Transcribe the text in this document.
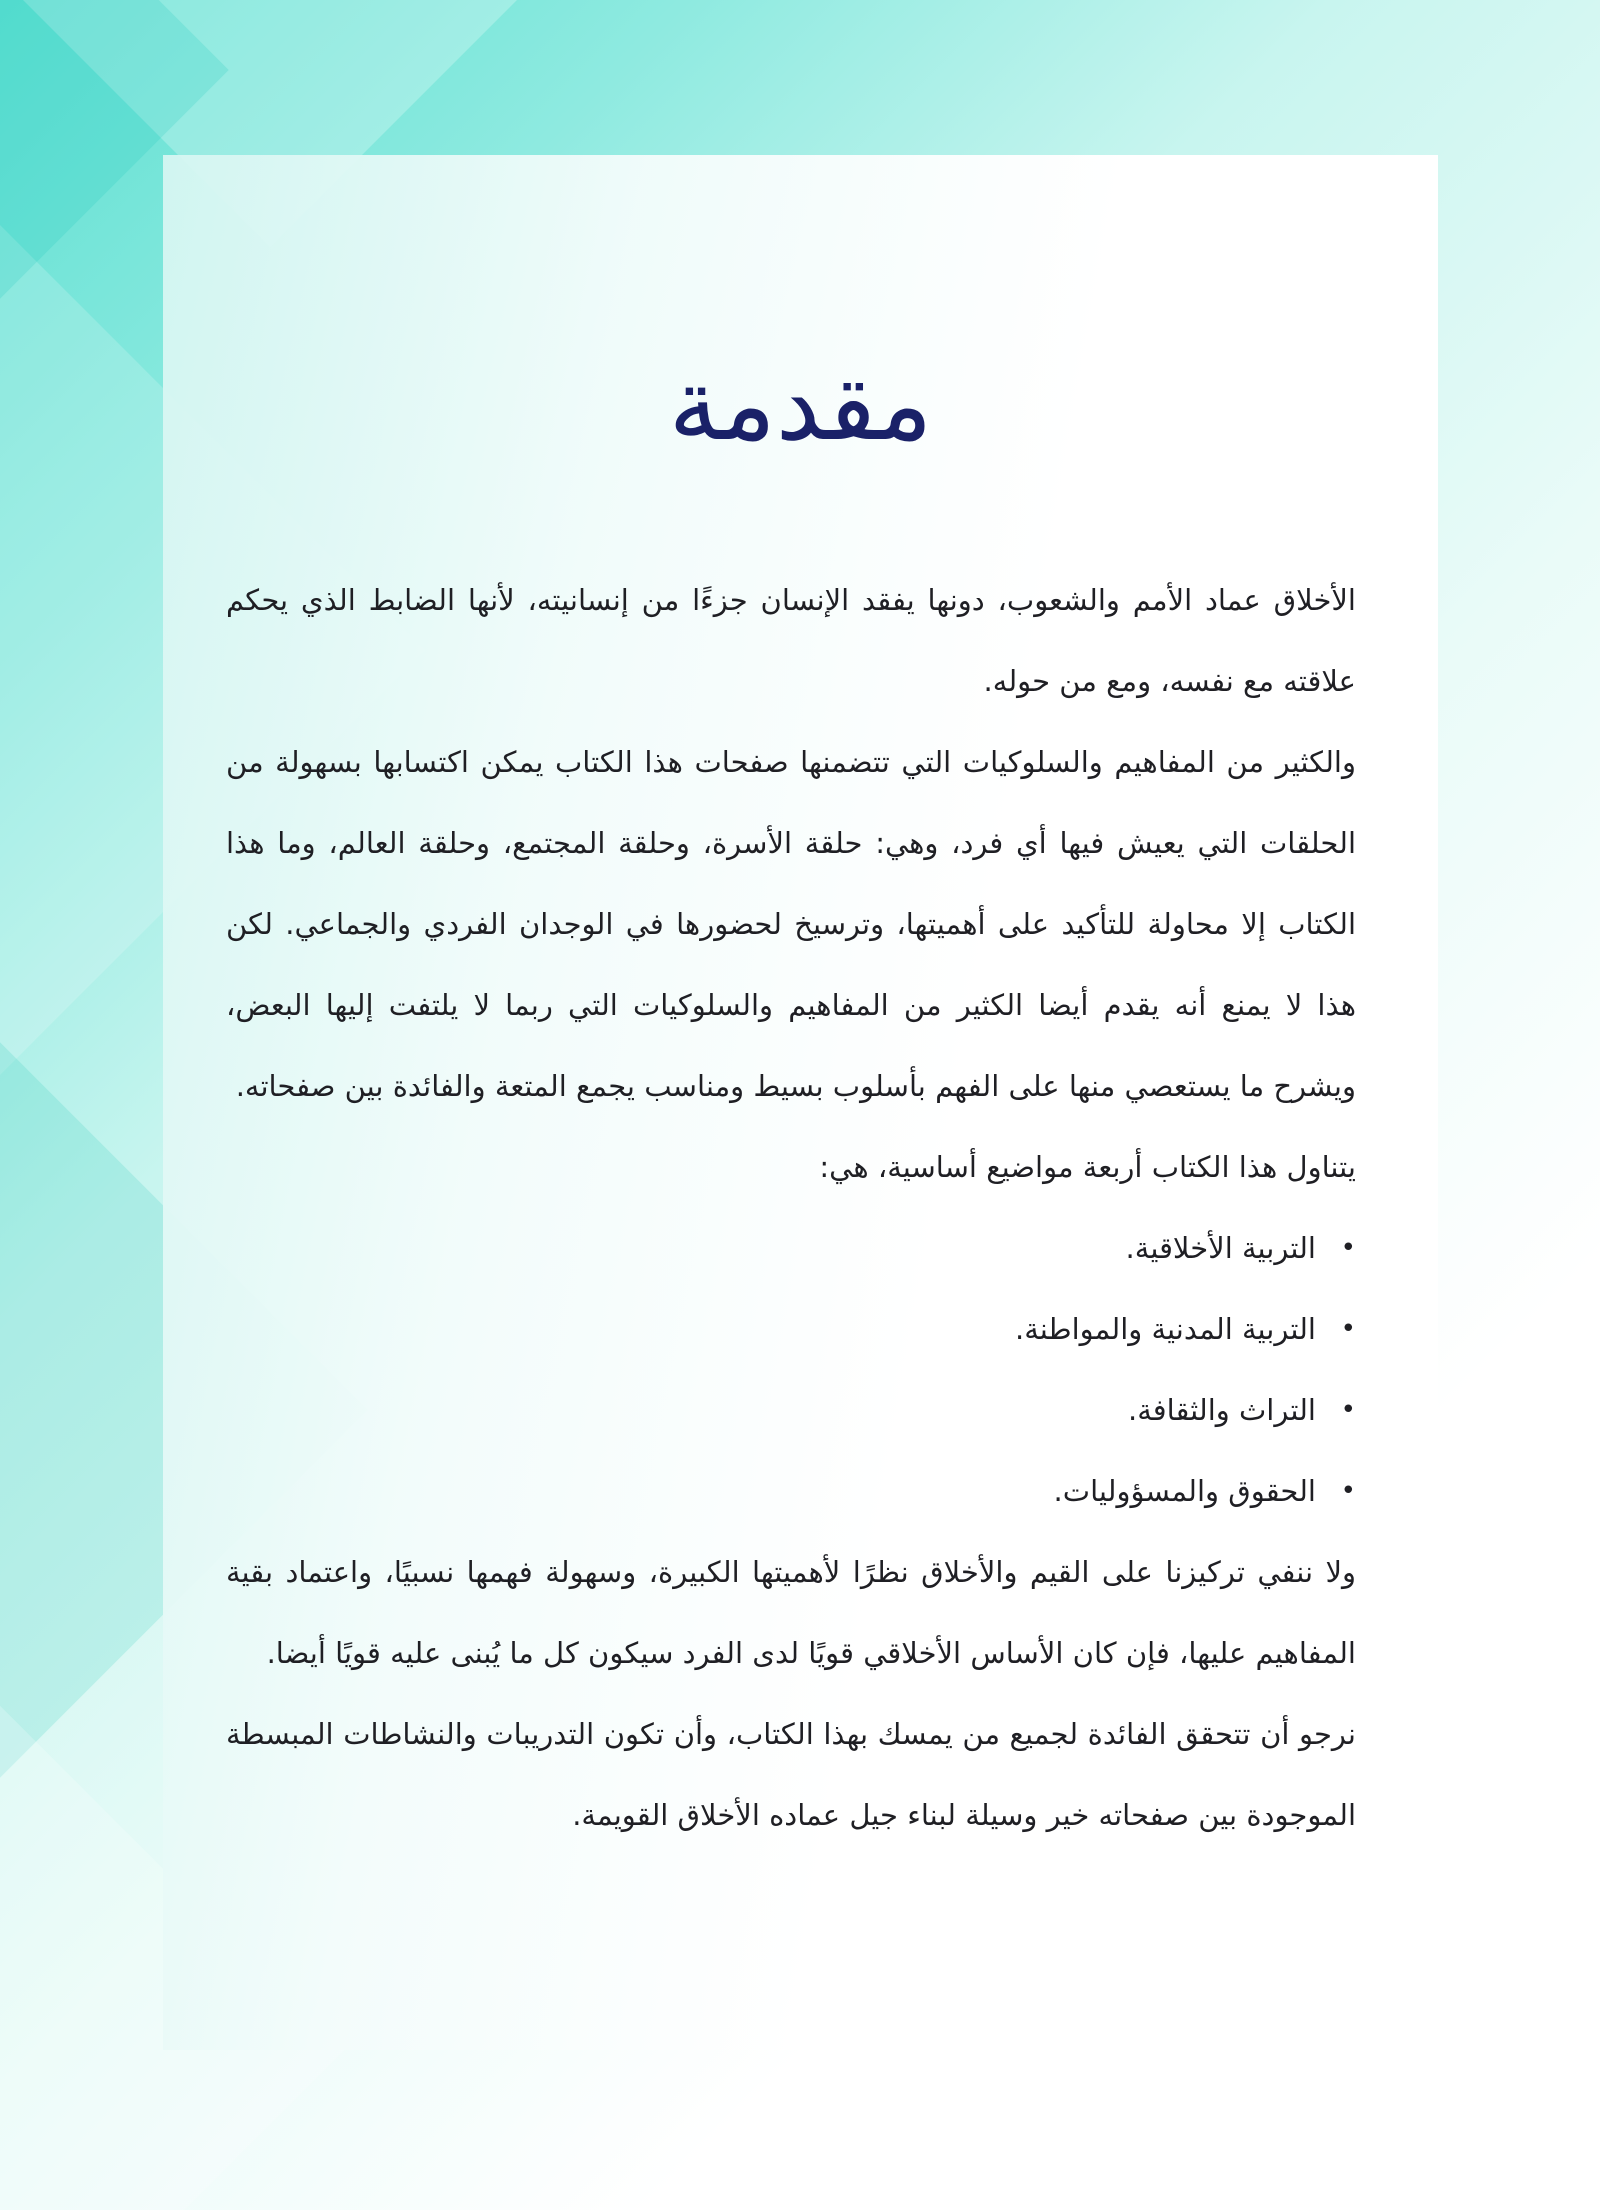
مقدمة

الأخلاق عماد الأمم والشعوب، دونها يفقد الإنسان جزءًا من إنسانيته، لأنها الضابط الذي يحكم علاقته مع نفسه، ومع من حوله.

والكثير من المفاهيم والسلوكيات التي تتضمنها صفحات هذا الكتاب يمكن اكتسابها بسهولة من الحلقات التي يعيش فيها أي فرد، وهي: حلقة الأسرة، وحلقة المجتمع، وحلقة العالم، وما هذا الكتاب إلا محاولة للتأكيد على أهميتها، وترسيخ لحضورها في الوجدان الفردي والجماعي. لكن هذا لا يمنع أنه يقدم أيضا الكثير من المفاهيم والسلوكيات التي ربما لا يلتفت إليها البعض، ويشرح ما يستعصي منها على الفهم بأسلوب بسيط ومناسب يجمع المتعة والفائدة بين صفحاته.

يتناول هذا الكتاب أربعة مواضيع أساسية، هي:

•
التربية الأخلاقية.
•
التربية المدنية والمواطنة.
•
التراث والثقافة.
•
الحقوق والمسؤوليات.

ولا ننفي تركيزنا على القيم والأخلاق نظرًا لأهميتها الكبيرة، وسهولة فهمها نسبيًا، واعتماد بقية المفاهيم عليها، فإن كان الأساس الأخلاقي قويًا لدى الفرد سيكون كل ما يُبنى عليه قويًا أيضا.

نرجو أن تتحقق الفائدة لجميع من يمسك بهذا الكتاب، وأن تكون التدريبات والنشاطات المبسطة الموجودة بين صفحاته خير وسيلة لبناء جيل عماده الأخلاق القويمة.
